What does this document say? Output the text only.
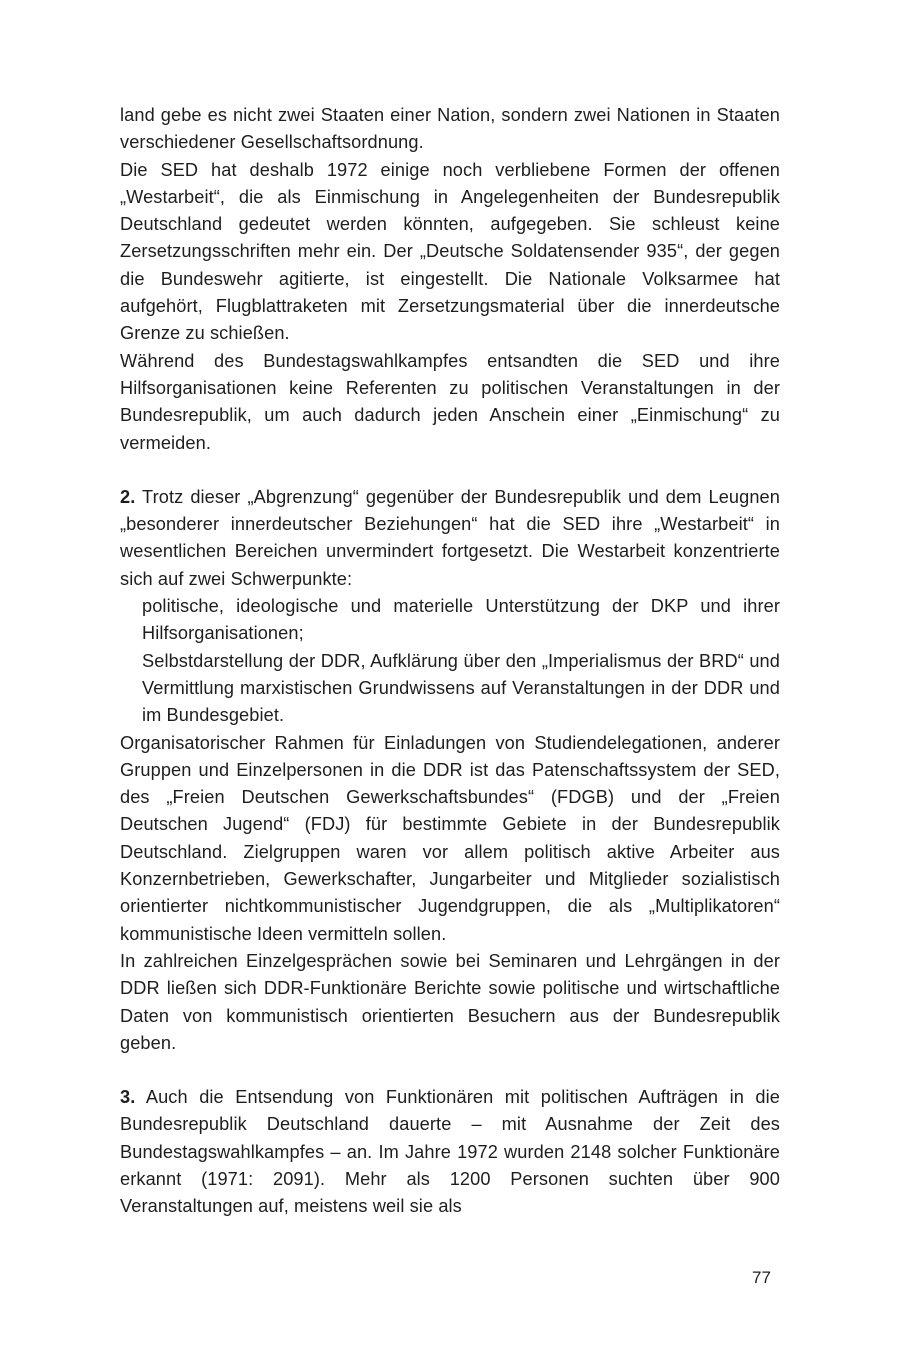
land gebe es nicht zwei Staaten einer Nation, sondern zwei Nationen in Staaten verschiedener Gesellschaftsordnung.

Die SED hat deshalb 1972 einige noch verbliebene Formen der offenen „Westarbeit“, die als Einmischung in Angelegenheiten der Bundesrepublik Deutschland gedeutet werden könnten, aufgegeben. Sie schleust keine Zersetzungsschriften mehr ein. Der „Deutsche Soldatensender 935“, der gegen die Bundeswehr agitierte, ist eingestellt. Die Nationale Volksarmee hat aufgehört, Flugblattraketen mit Zersetzungsmaterial über die innerdeutsche Grenze zu schießen.

Während des Bundestagswahlkampfes entsandten die SED und ihre Hilfsorganisationen keine Referenten zu politischen Veranstaltungen in der Bundesrepublik, um auch dadurch jeden Anschein einer „Einmischung“ zu vermeiden.

2. Trotz dieser „Abgrenzung“ gegenüber der Bundesrepublik und dem Leugnen „besonderer innerdeutscher Beziehungen“ hat die SED ihre „Westarbeit“ in wesentlichen Bereichen unvermindert fortgesetzt. Die Westarbeit konzentrierte sich auf zwei Schwerpunkte:

politische, ideologische und materielle Unterstützung der DKP und ihrer Hilfsorganisationen;

Selbstdarstellung der DDR, Aufklärung über den „Imperialismus der BRD“ und Vermittlung marxistischen Grundwissens auf Veranstaltungen in der DDR und im Bundesgebiet.

Organisatorischer Rahmen für Einladungen von Studiendelegationen, anderer Gruppen und Einzelpersonen in die DDR ist das Patenschaftssystem der SED, des „Freien Deutschen Gewerkschaftsbundes“ (FDGB) und der „Freien Deutschen Jugend“ (FDJ) für bestimmte Gebiete in der Bundesrepublik Deutschland. Zielgruppen waren vor allem politisch aktive Arbeiter aus Konzernbetrieben, Gewerkschafter, Jungarbeiter und Mitglieder sozialistisch orientierter nichtkommunistischer Jugendgruppen, die als „Multiplikatoren“ kommunistische Ideen vermitteln sollen.

In zahlreichen Einzelgesprächen sowie bei Seminaren und Lehrgängen in der DDR ließen sich DDR-Funktionäre Berichte sowie politische und wirtschaftliche Daten von kommunistisch orientierten Besuchern aus der Bundesrepublik geben.

3. Auch die Entsendung von Funktionären mit politischen Aufträgen in die Bundesrepublik Deutschland dauerte – mit Ausnahme der Zeit des Bundestagswahlkampfes – an. Im Jahre 1972 wurden 2148 solcher Funktionäre erkannt (1971: 2091). Mehr als 1200 Personen suchten über 900 Veranstaltungen auf, meistens weil sie als

77
